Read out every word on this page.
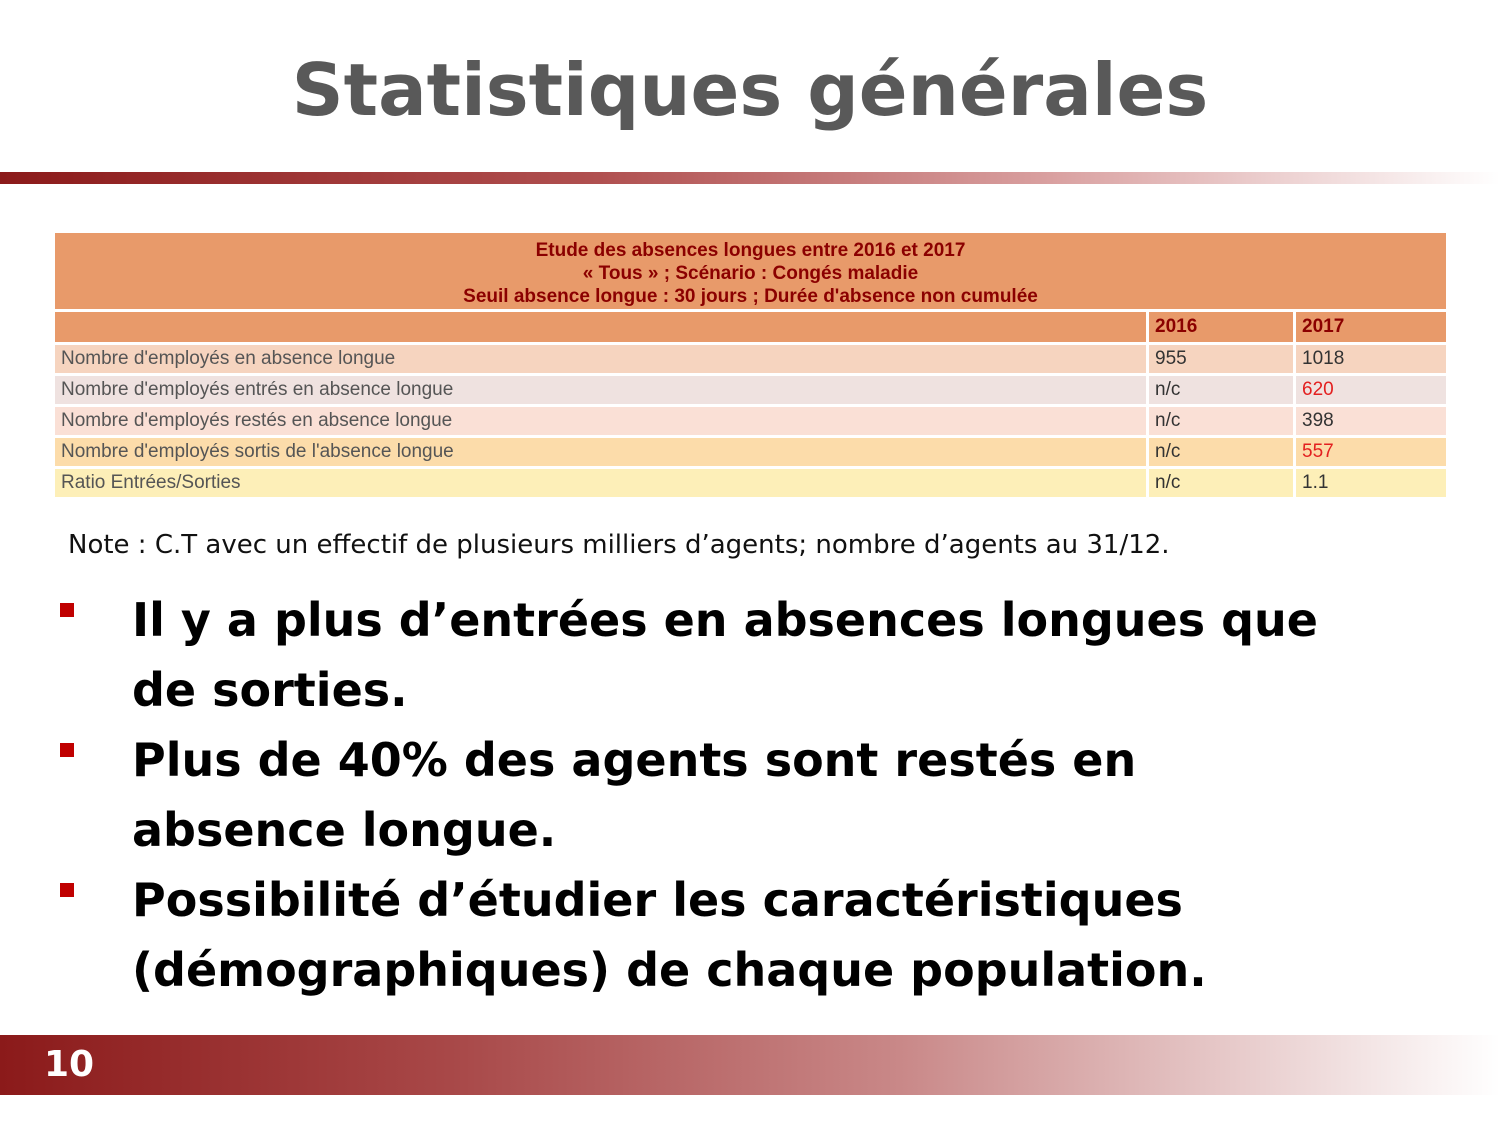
Statistiques générales
Etude des absences longues entre 2016 et 2017
« Tous » ; Scénario : Congés maladie
Seuil absence longue : 30 jours ; Durée d'absence non cumulée		

	2016	2017
Nombre d'employés en absence longue	955	1018
Nombre d'employés entrés en absence longue	n/c	620
Nombre d'employés restés en absence longue	n/c	398
Nombre d'employés sortis de l'absence longue	n/c	557
Ratio Entrées/Sorties	n/c	1.1
Note : C.T avec un effectif de plusieurs milliers d’agents; nombre d’agents au 31/12.
Il y a plus d’entrées en absences longues que de sorties.
Plus de 40% des agents sont restés en absence longue.
Possibilité d’étudier les caractéristiques (démographiques) de chaque population.
10
